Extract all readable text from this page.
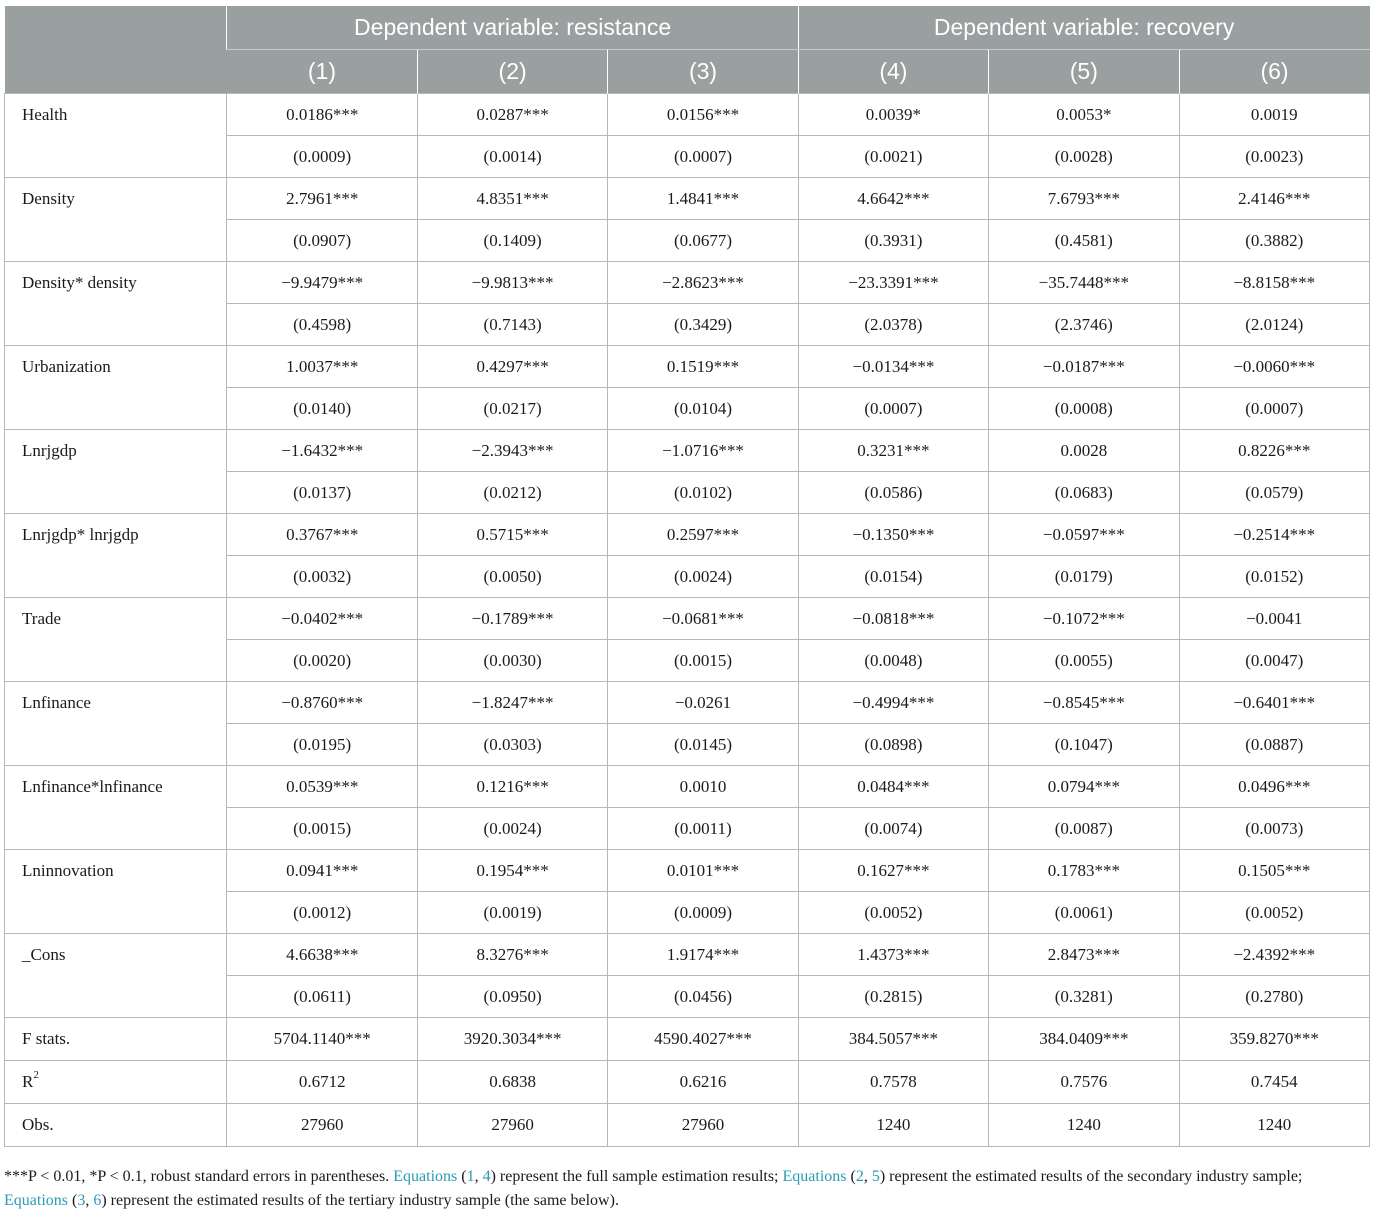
	Dependent variable: resistance			Dependent variable: recovery		
	(1)	(2)	(3)	(4)	(5)	(6)
Health	0.0186***	0.0287***	0.0156***	0.0039*	0.0053*	0.0019
	(0.0009)	(0.0014)	(0.0007)	(0.0021)	(0.0028)	(0.0023)
Density	2.7961***	4.8351***	1.4841***	4.6642***	7.6793***	2.4146***
	(0.0907)	(0.1409)	(0.0677)	(0.3931)	(0.4581)	(0.3882)
Density* density	−9.9479***	−9.9813***	−2.8623***	−23.3391***	−35.7448***	−8.8158***
	(0.4598)	(0.7143)	(0.3429)	(2.0378)	(2.3746)	(2.0124)
Urbanization	1.0037***	0.4297***	0.1519***	−0.0134***	−0.0187***	−0.0060***
	(0.0140)	(0.0217)	(0.0104)	(0.0007)	(0.0008)	(0.0007)
Lnrjgdp	−1.6432***	−2.3943***	−1.0716***	0.3231***	0.0028	0.8226***
	(0.0137)	(0.0212)	(0.0102)	(0.0586)	(0.0683)	(0.0579)
Lnrjgdp* lnrjgdp	0.3767***	0.5715***	0.2597***	−0.1350***	−0.0597***	−0.2514***
	(0.0032)	(0.0050)	(0.0024)	(0.0154)	(0.0179)	(0.0152)
Trade	−0.0402***	−0.1789***	−0.0681***	−0.0818***	−0.1072***	−0.0041
	(0.0020)	(0.0030)	(0.0015)	(0.0048)	(0.0055)	(0.0047)
Lnfinance	−0.8760***	−1.8247***	−0.0261	−0.4994***	−0.8545***	−0.6401***
	(0.0195)	(0.0303)	(0.0145)	(0.0898)	(0.1047)	(0.0887)
Lnfinance*lnfinance	0.0539***	0.1216***	0.0010	0.0484***	0.0794***	0.0496***
	(0.0015)	(0.0024)	(0.0011)	(0.0074)	(0.0087)	(0.0073)
Lninnovation	0.0941***	0.1954***	0.0101***	0.1627***	0.1783***	0.1505***
	(0.0012)	(0.0019)	(0.0009)	(0.0052)	(0.0061)	(0.0052)
_Cons	4.6638***	8.3276***	1.9174***	1.4373***	2.8473***	−2.4392***
	(0.0611)	(0.0950)	(0.0456)	(0.2815)	(0.3281)	(0.2780)
F stats.	5704.1140***	3920.3034***	4590.4027***	384.5057***	384.0409***	359.8270***
$R^2$	0.6712	0.6838	0.6216	0.7578	0.7576	0.7454
Obs.	27960	27960	27960	1240	1240	1240
***P < 0.01, *P < 0.1, robust standard errors in parentheses. Equations (1, 4) represent the full sample estimation results; Equations (2, 5) represent the estimated results of the secondary industry sample; Equations (3, 6) represent the estimated results of the tertiary industry sample (the same below).
